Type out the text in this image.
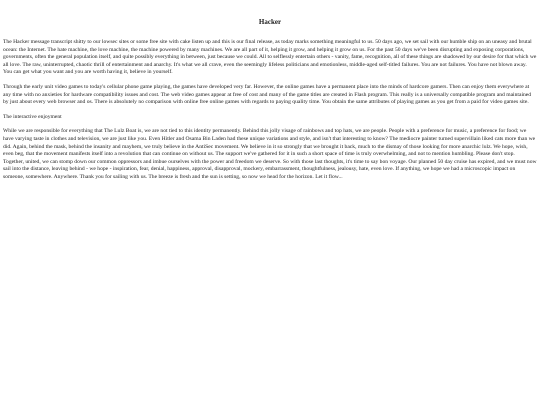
Hacker

The Hacker message transcript shitty to our lowsec sites or some free site with cake listen up and this is our final release, as today marks something meaningful to us. 50 days ago, we set sail with our humble ship on an uneasy and brutal ocean: the Internet. The hate machine, the love machine, the machine powered by many machines. We are all part of it, helping it grow, and helping it grow on us. For the past 50 days we've been disrupting and exposing corporations, governments, often the general population itself, and quite possibly everything in between, just because we could. All to selflessly entertain others - vanity, fame, recognition, all of these things are shadowed by our desire for that which we all love. The raw, uninterrupted, chaotic thrill of entertainment and anarchy. It's what we all crave, even the seemingly lifeless politicians and emotionless, middle-aged self-titled failures. You are not failures. You have not blown away. You can get what you want and you are worth having it, believe in yourself.

Through the early unit video games to today's cellular phone game playing, the games have developed very far. However, the online games have a permanent place into the minds of hardcore gamers. Then can enjoy them everywhere at any time with no anxieties for hardware compatibility issues and cost. The web video games appear at free of cost and many of the game titles are created in Flash program. This really is a universally compatible program and maintained by just about every web browser and os. There is absolutely no comparison with online free online games with regards to paying quality time. You obtain the same attributes of playing games as you get from a paid for video games site.

The interactive enjoyment

While we are responsible for everything that The Lulz Boat is, we are not tied to this identity permanently. Behind this jolly visage of rainbows and top hats, we are people. People with a preference for music, a preference for food; we have varying taste in clothes and television, we are just like you. Even Hitler and Osama Bin Laden had these unique variations and style, and isn't that interesting to know? The mediocre painter turned supervillain liked cats more than we did. Again, behind the mask, behind the insanity and mayhem, we truly believe in the AntiSec movement. We believe in it so strongly that we brought it back, much to the dismay of those looking for more anarchic lulz. We hope, wish, even beg, that the movement manifests itself into a revolution that can continue on without us. The support we've gathered for it in such a short space of time is truly overwhelming, and not to mention humbling. Please don't stop. Together, united, we can stomp down our common oppressors and imbue ourselves with the power and freedom we deserve. So with those last thoughts, it's time to say bon voyage. Our planned 50 day cruise has expired, and we must now sail into the distance, leaving behind - we hope - inspiration, fear, denial, happiness, approval, disapproval, mockery, embarrassment, thoughtfulness, jealousy, hate, even love. If anything, we hope we had a microscopic impact on someone, somewhere. Anywhere. Thank you for sailing with us. The breeze is fresh and the sun is setting, so now we head for the horizon. Let it flow...
